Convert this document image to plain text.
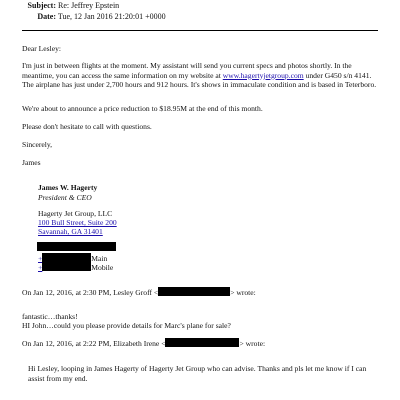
Subject: Re: Jeffrey Epstein
Date: Tue, 12 Jan 2016 21:20:01 +0000

Dear Lesley:

I'm just in between flights at the moment. My assistant will send you current specs and photos shortly. In the meantime, you can access the same information on my website at www.hagertyjetgroup.com under G450 s/n 4141. The airplane has just under 2,700 hours and 912 hours. It's shows in immaculate condition and is based in Teterboro.

We're about to announce a price reduction to $18.95M at the end of this month.

Please don't hesitate to call with questions.

Sincerely,

James

James W. Hagerty
President & CEO
Hagerty Jet Group, LLC
100 Bull Street, Suite 200
Savannah, GA 31401
+	Main
+	Mobile
On Jan 12, 2016, at 2:30 PM, Lesley Groff <	> wrote:
fantastic…thanks!
HI John…could you please provide details for Marc's plane for sale?
On Jan 12, 2016, at 2:22 PM, Elizabeth Irene <	> wrote:

Hi Lesley, looping in James Hagerty of Hagerty Jet Group who can advise. Thanks and pls let me know if I can assist from my end.
